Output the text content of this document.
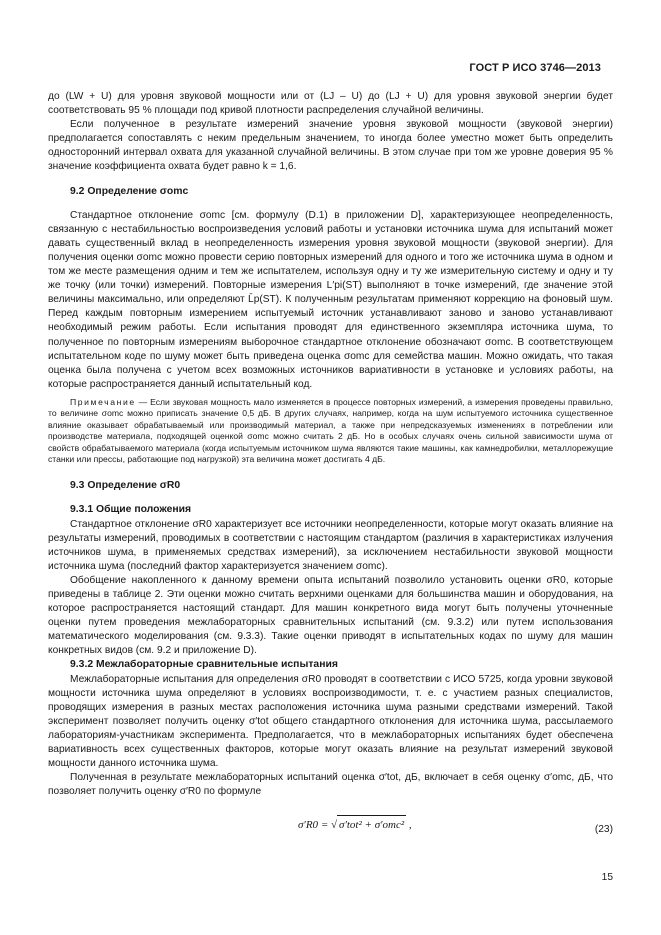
ГОСТ Р ИСО 3746—2013

до (LW + U) для уровня звуковой мощности или от (LJ – U) до (LJ + U) для уровня звуковой энергии будет соответствовать 95 % площади под кривой плотности распределения случайной величины.

Если полученное в результате измерений значение уровня звуковой мощности (звуковой энергии) предполагается сопоставлять с неким предельным значением, то иногда более уместно может быть определить односторонний интервал охвата для указанной случайной величины. В этом случае при том же уровне доверия 95 % значение коэффициента охвата будет равно k = 1,6.

9.2 Определение σomc

Стандартное отклонение σomc [см. формулу (D.1) в приложении D], характеризующее неопределенность, связанную с нестабильностью воспроизведения условий работы и установки источника шума для испытаний может давать существенный вклад в неопределенность измерения уровня звуковой мощности (звуковой энергии). Для получения оценки σomc можно провести серию повторных измерений для одного и того же источника шума в одном и том же месте размещения одним и тем же испытателем, используя одну и ту же измерительную систему и одну и ту же точку (или точки) измерений. Повторные измерения L′pi(ST) выполняют в точке измерений, где значение этой величины максимально, или определяют L̄p(ST). К полученным результатам применяют коррекцию на фоновый шум. Перед каждым повторным измерением испытуемый источник устанавливают заново и заново устанавливают необходимый режим работы. Если испытания проводят для единственного экземпляра источника шума, то полученное по повторным измерениям выборочное стандартное отклонение обозначают σomc. В соответствующем испытательном коде по шуму может быть приведена оценка σomc для семейства машин. Можно ожидать, что такая оценка была получена с учетом всех возможных источников вариативности в установке и условиях работы, на которые распространяется данный испытательный код.

Примечание — Если звуковая мощность мало изменяется в процессе повторных измерений, а измерения проведены правильно, то величине σomc можно приписать значение 0,5 дБ. В других случаях, например, когда на шум испытуемого источника существенное влияние оказывает обрабатываемый или производимый материал, а также при непредсказуемых изменениях в потреблении или производстве материала, подходящей оценкой σomc можно считать 2 дБ. Но в особых случаях очень сильной зависимости шума от свойств обрабатываемого материала (когда испытуемым источником шума являются такие машины, как камнедробилки, металлорежущие станки или прессы, работающие под нагрузкой) эта величина может достигать 4 дБ.

9.3 Определение σR0
9.3.1 Общие положения

Стандартное отклонение σR0 характеризует все источники неопределенности, которые могут оказать влияние на результаты измерений, проводимых в соответствии с настоящим стандартом (различия в характеристиках излучения источников шума, в применяемых средствах измерений), за исключением нестабильности звуковой мощности источника шума (последний фактор характеризуется значением σomc).

Обобщение накопленного к данному времени опыта испытаний позволило установить оценки σR0, которые приведены в таблице 2. Эти оценки можно считать верхними оценками для большинства машин и оборудования, на которое распространяется настоящий стандарт. Для машин конкретного вида могут быть получены уточненные оценки путем проведения межлабораторных сравнительных испытаний (см. 9.3.2) или путем использования математического моделирования (см. 9.3.3). Такие оценки приводят в испытательных кодах по шуму для машин конкретных видов (см. 9.2 и приложение D).

9.3.2 Межлабораторные сравнительные испытания

Межлабораторные испытания для определения σR0 проводят в соответствии с ИСО 5725, когда уровни звуковой мощности источника шума определяют в условиях воспроизводимости, т. е. с участием разных специалистов, проводящих измерения в разных местах расположения источника шума разными средствами измерений. Такой эксперимент позволяет получить оценку σ′tot общего стандартного отклонения для источника шума, рассылаемого лабораториям-участникам эксперимента. Предполагается, что в межлабораторных испытаниях будет обеспечена вариативность всех существенных факторов, которые могут оказать влияние на результат измерений звуковой мощности данного источника шума.

Полученная в результате межлабораторных испытаний оценка σ′tot, дБ, включает в себя оценку σ′omc, дБ, что позволяет получить оценку σ′R0 по формуле

σ′R0 = √ σ′tot² + σ′omc² ,	(23)
15
